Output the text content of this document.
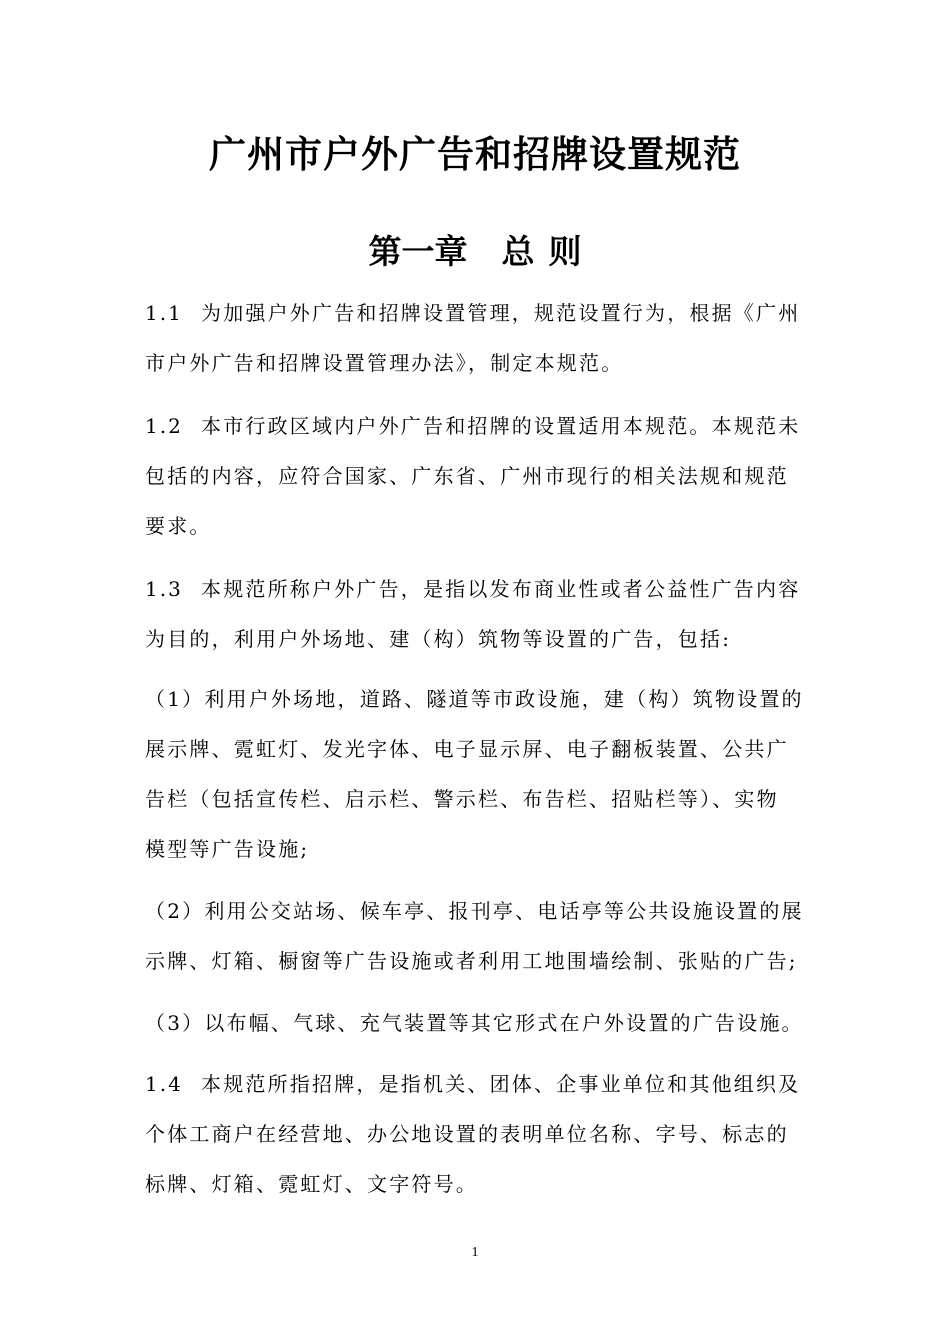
广州市户外广告和招牌设置规范
第一章 总 则
1.1 为加强户外广告和招牌设置管理，规范设置行为，根据《广州
市户外广告和招牌设置管理办法》，制定本规范。
1.2 本市行政区域内户外广告和招牌的设置适用本规范。本规范未
包括的内容，应符合国家、广东省、广州市现行的相关法规和规范
要求。
1.3 本规范所称户外广告，是指以发布商业性或者公益性广告内容
为目的，利用户外场地、建（构）筑物等设置的广告，包括:
（1）利用户外场地，道路、隧道等市政设施，建（构）筑物设置的
展示牌、霓虹灯、发光字体、电子显示屏、电子翻板装置、公共广
告栏（包括宣传栏、启示栏、警示栏、布告栏、招贴栏等）、实物
模型等广告设施;
（2）利用公交站场、候车亭、报刊亭、电话亭等公共设施设置的展
示牌、灯箱、橱窗等广告设施或者利用工地围墙绘制、张贴的广告;
（3）以布幅、气球、充气装置等其它形式在户外设置的广告设施。
1.4 本规范所指招牌，是指机关、团体、企事业单位和其他组织及
个体工商户在经营地、办公地设置的表明单位名称、字号、标志的
标牌、灯箱、霓虹灯、文字符号。
1
